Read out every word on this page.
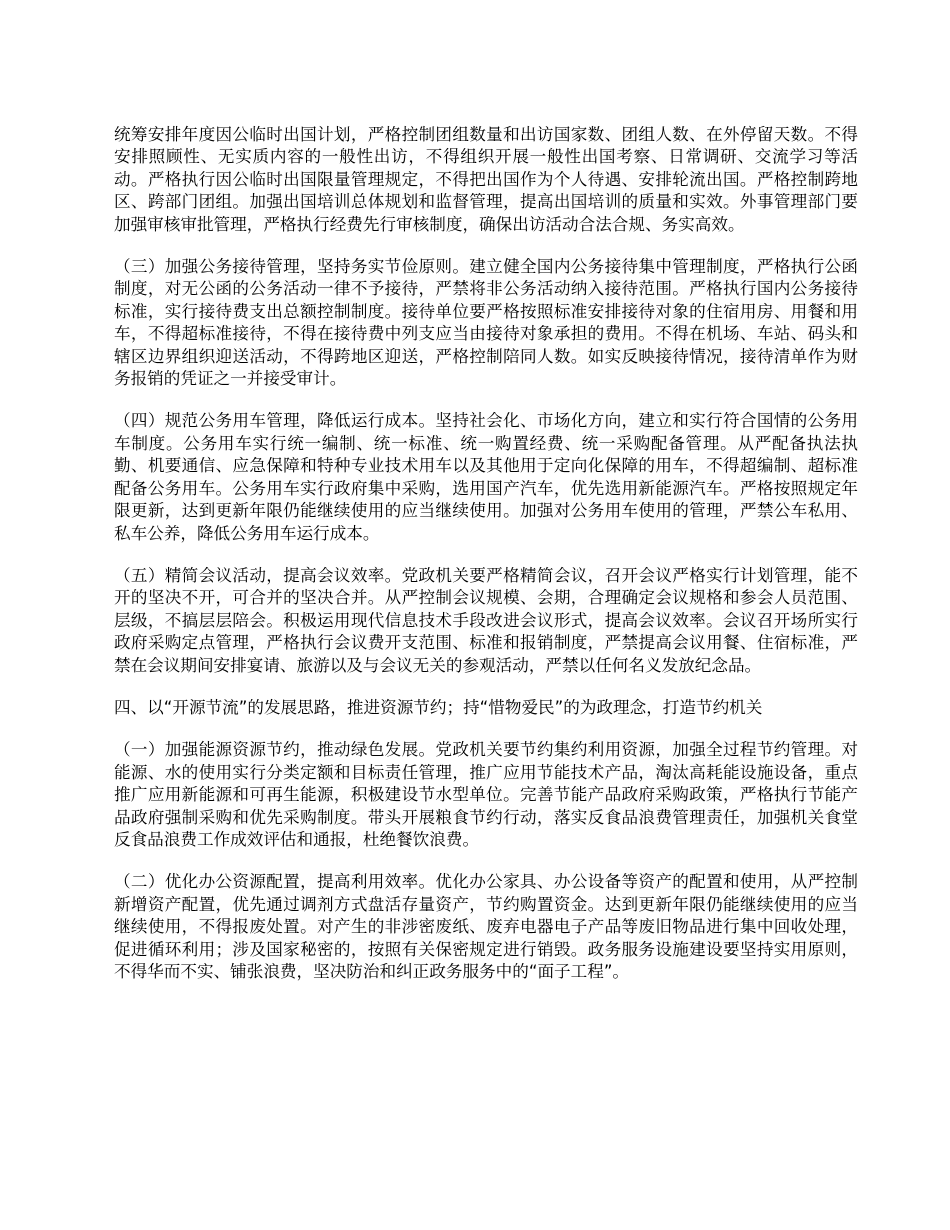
统筹安排年度因公临时出国计划，严格控制团组数量和出访国家数、团组人数、在外停留天数。不得安排照顾性、无实质内容的一般性出访，不得组织开展一般性出国考察、日常调研、交流学习等活动。严格执行因公临时出国限量管理规定，不得把出国作为个人待遇、安排轮流出国。严格控制跨地区、跨部门团组。加强出国培训总体规划和监督管理，提高出国培训的质量和实效。外事管理部门要加强审核审批管理，严格执行经费先行审核制度，确保出访活动合法合规、务实高效。

（三）加强公务接待管理，坚持务实节俭原则。建立健全国内公务接待集中管理制度，严格执行公函制度，对无公函的公务活动一律不予接待，严禁将非公务活动纳入接待范围。严格执行国内公务接待标准，实行接待费支出总额控制制度。接待单位要严格按照标准安排接待对象的住宿用房、用餐和用车，不得超标准接待，不得在接待费中列支应当由接待对象承担的费用。不得在机场、车站、码头和辖区边界组织迎送活动，不得跨地区迎送，严格控制陪同人数。如实反映接待情况，接待清单作为财务报销的凭证之一并接受审计。

（四）规范公务用车管理，降低运行成本。坚持社会化、市场化方向，建立和实行符合国情的公务用车制度。公务用车实行统一编制、统一标准、统一购置经费、统一采购配备管理。从严配备执法执勤、机要通信、应急保障和特种专业技术用车以及其他用于定向化保障的用车，不得超编制、超标准配备公务用车。公务用车实行政府集中采购，选用国产汽车，优先选用新能源汽车。严格按照规定年限更新，达到更新年限仍能继续使用的应当继续使用。加强对公务用车使用的管理，严禁公车私用、私车公养，降低公务用车运行成本。

（五）精简会议活动，提高会议效率。党政机关要严格精简会议，召开会议严格实行计划管理，能不开的坚决不开，可合并的坚决合并。从严控制会议规模、会期，合理确定会议规格和参会人员范围、层级，不搞层层陪会。积极运用现代信息技术手段改进会议形式，提高会议效率。会议召开场所实行政府采购定点管理，严格执行会议费开支范围、标准和报销制度，严禁提高会议用餐、住宿标准，严禁在会议期间安排宴请、旅游以及与会议无关的参观活动，严禁以任何名义发放纪念品。

四、以“开源节流”的发展思路，推进资源节约；持“惜物爱民”的为政理念，打造节约机关

（一）加强能源资源节约，推动绿色发展。党政机关要节约集约利用资源，加强全过程节约管理。对能源、水的使用实行分类定额和目标责任管理，推广应用节能技术产品，淘汰高耗能设施设备，重点推广应用新能源和可再生能源，积极建设节水型单位。完善节能产品政府采购政策，严格执行节能产品政府强制采购和优先采购制度。带头开展粮食节约行动，落实反食品浪费管理责任，加强机关食堂反食品浪费工作成效评估和通报，杜绝餐饮浪费。

（二）优化办公资源配置，提高利用效率。优化办公家具、办公设备等资产的配置和使用，从严控制新增资产配置，优先通过调剂方式盘活存量资产，节约购置资金。达到更新年限仍能继续使用的应当继续使用，不得报废处置。对产生的非涉密废纸、废弃电器电子产品等废旧物品进行集中回收处理，促进循环利用；涉及国家秘密的，按照有关保密规定进行销毁。政务服务设施建设要坚持实用原则，不得华而不实、铺张浪费，坚决防治和纠正政务服务中的“面子工程”。
